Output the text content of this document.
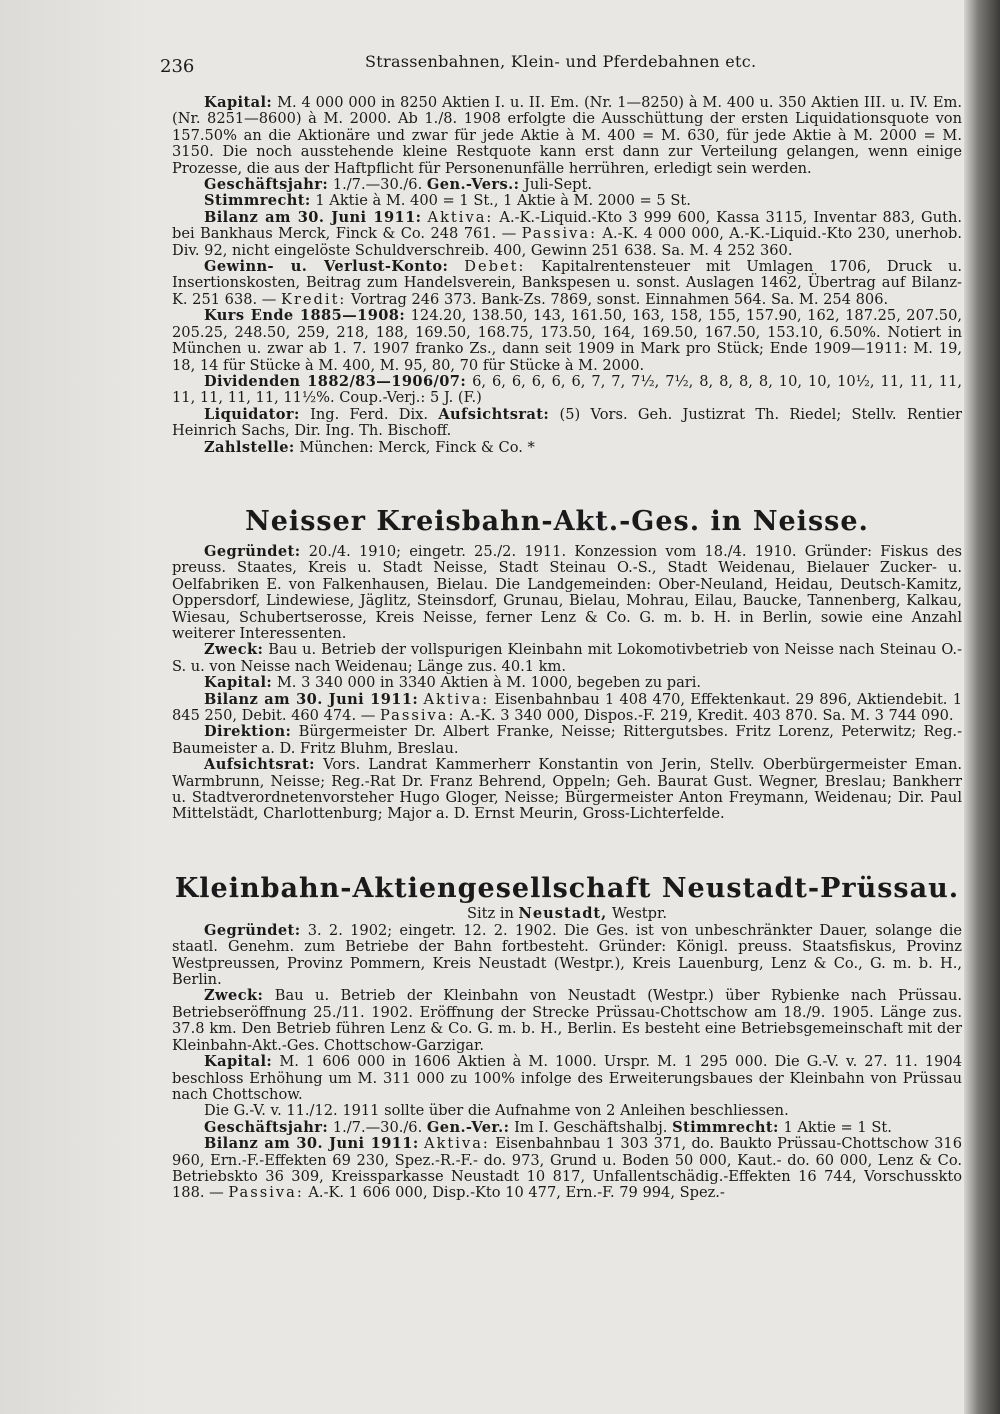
236	Strassenbahnen, Klein- und Pferdebahnen etc.

Kapital: M. 4 000 000 in 8250 Aktien I. u. II. Em. (Nr. 1—8250) à M. 400 u. 350 Aktien III. u. IV. Em. (Nr. 8251—8600) à M. 2000. Ab 1./8. 1908 erfolgte die Ausschüttung der ersten Liquidationsquote von 157.50% an die Aktionäre und zwar für jede Aktie à M. 400 = M. 630, für jede Aktie à M. 2000 = M. 3150. Die noch ausstehende kleine Restquote kann erst dann zur Verteilung gelangen, wenn einige Prozesse, die aus der Haftpflicht für Personenunfälle herrühren, erledigt sein werden.

Geschäftsjahr: 1./7.—30./6. Gen.-Vers.: Juli-Sept.

Stimmrecht: 1 Aktie à M. 400 = 1 St., 1 Aktie à M. 2000 = 5 St.

Bilanz am 30. Juni 1911: Aktiva: A.-K.-Liquid.-Kto 3 999 600, Kassa 3115, Inventar 883, Guth. bei Bankhaus Merck, Finck & Co. 248 761. — Passiva: A.-K. 4 000 000, A.-K.-Liquid.-Kto 230, unerhob. Div. 92, nicht eingelöste Schuldverschreib. 400, Gewinn 251 638. Sa. M. 4 252 360.

Gewinn- u. Verlust-Konto: Debet: Kapitalrentensteuer mit Umlagen 1706, Druck u. Insertionskosten, Beitrag zum Handelsverein, Bankspesen u. sonst. Auslagen 1462, Übertrag auf Bilanz-K. 251 638. — Kredit: Vortrag 246 373. Bank-Zs. 7869, sonst. Einnahmen 564. Sa. M. 254 806.

Kurs Ende 1885—1908: 124.20, 138.50, 143, 161.50, 163, 158, 155, 157.90, 162, 187.25, 207.50, 205.25, 248.50, 259, 218, 188, 169.50, 168.75, 173.50, 164, 169.50, 167.50, 153.10, 6.50%. Notiert in München u. zwar ab 1. 7. 1907 franko Zs., dann seit 1909 in Mark pro Stück; Ende 1909—1911: M. 19, 18, 14 für Stücke à M. 400, M. 95, 80, 70 für Stücke à M. 2000.

Dividenden 1882/83—1906/07: 6, 6, 6, 6, 6, 6, 7, 7, 7½, 7½, 8, 8, 8, 8, 10, 10, 10½, 11, 11, 11, 11, 11, 11, 11, 11½%. Coup.-Verj.: 5 J. (F.)

Liquidator: Ing. Ferd. Dix. Aufsichtsrat: (5) Vors. Geh. Justizrat Th. Riedel; Stellv. Rentier Heinrich Sachs, Dir. Ing. Th. Bischoff.

Zahlstelle: München: Merck, Finck & Co. *

Neisser Kreisbahn-Akt.-Ges. in Neisse.

Gegründet: 20./4. 1910; eingetr. 25./2. 1911. Konzession vom 18./4. 1910. Gründer: Fiskus des preuss. Staates, Kreis u. Stadt Neisse, Stadt Steinau O.-S., Stadt Weidenau, Bielauer Zucker- u. Oelfabriken E. von Falkenhausen, Bielau. Die Landgemeinden: Ober-Neuland, Heidau, Deutsch-Kamitz, Oppersdorf, Lindewiese, Jäglitz, Steinsdorf, Grunau, Bielau, Mohrau, Eilau, Baucke, Tannenberg, Kalkau, Wiesau, Schubertserosse, Kreis Neisse, ferner Lenz & Co. G. m. b. H. in Berlin, sowie eine Anzahl weiterer Interessenten.

Zweck: Bau u. Betrieb der vollspurigen Kleinbahn mit Lokomotivbetrieb von Neisse nach Steinau O.-S. u. von Neisse nach Weidenau; Länge zus. 40.1 km.

Kapital: M. 3 340 000 in 3340 Aktien à M. 1000, begeben zu pari.

Bilanz am 30. Juni 1911: Aktiva: Eisenbahnbau 1 408 470, Effektenkaut. 29 896, Aktiendebit. 1 845 250, Debit. 460 474. — Passiva: A.-K. 3 340 000, Dispos.-F. 219, Kredit. 403 870. Sa. M. 3 744 090.

Direktion: Bürgermeister Dr. Albert Franke, Neisse; Rittergutsbes. Fritz Lorenz, Peterwitz; Reg.-Baumeister a. D. Fritz Bluhm, Breslau.

Aufsichtsrat: Vors. Landrat Kammerherr Konstantin von Jerin, Stellv. Oberbürgermeister Eman. Warmbrunn, Neisse; Reg.-Rat Dr. Franz Behrend, Oppeln; Geh. Baurat Gust. Wegner, Breslau; Bankherr u. Stadtverordnetenvorsteher Hugo Gloger, Neisse; Bürgermeister Anton Freymann, Weidenau; Dir. Paul Mittelstädt, Charlottenburg; Major a. D. Ernst Meurin, Gross-Lichterfelde.

Kleinbahn-Aktiengesellschaft Neustadt-Prüssau.

Sitz in Neustadt, Westpr.

Gegründet: 3. 2. 1902; eingetr. 12. 2. 1902. Die Ges. ist von unbeschränkter Dauer, solange die staatl. Genehm. zum Betriebe der Bahn fortbesteht. Gründer: Königl. preuss. Staatsfiskus, Provinz Westpreussen, Provinz Pommern, Kreis Neustadt (Westpr.), Kreis Lauenburg, Lenz & Co., G. m. b. H., Berlin.

Zweck: Bau u. Betrieb der Kleinbahn von Neustadt (Westpr.) über Rybienke nach Prüssau. Betriebseröffnung 25./11. 1902. Eröffnung der Strecke Prüssau-Chottschow am 18./9. 1905. Länge zus. 37.8 km. Den Betrieb führen Lenz & Co. G. m. b. H., Berlin. Es besteht eine Betriebsgemeinschaft mit der Kleinbahn-Akt.-Ges. Chottschow-Garzigar.

Kapital: M. 1 606 000 in 1606 Aktien à M. 1000. Urspr. M. 1 295 000. Die G.-V. v. 27. 11. 1904 beschloss Erhöhung um M. 311 000 zu 100% infolge des Erweiterungsbaues der Kleinbahn von Prüssau nach Chottschow.

Die G.-V. v. 11./12. 1911 sollte über die Aufnahme von 2 Anleihen beschliessen.

Geschäftsjahr: 1./7.—30./6. Gen.-Ver.: Im I. Geschäftshalbj. Stimmrecht: 1 Aktie = 1 St.

Bilanz am 30. Juni 1911: Aktiva: Eisenbahnbau 1 303 371, do. Baukto Prüssau-Chottschow 316 960, Ern.-F.-Effekten 69 230, Spez.-R.-F.- do. 973, Grund u. Boden 50 000, Kaut.- do. 60 000, Lenz & Co. Betriebskto 36 309, Kreissparkasse Neustadt 10 817, Unfallentschädig.-Effekten 16 744, Vorschusskto 188. — Passiva: A.-K. 1 606 000, Disp.-Kto 10 477, Ern.-F. 79 994, Spez.-
